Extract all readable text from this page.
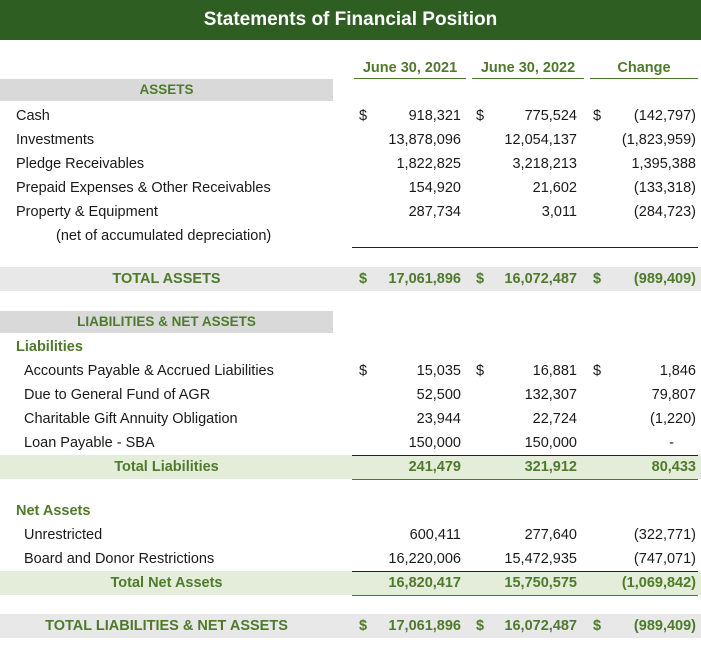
Statements of Financial Position
June 30, 2021	June 30, 2022	Change
ASSETS
Cash	$	918,321 $	775,524 $	(142,797)
Investments	13,878,096	12,054,137	(1,823,959)
Pledge Receivables	1,822,825	3,218,213	1,395,388
Prepaid Expenses & Other Receivables	154,920	21,602	(133,318)
Property & Equipment	287,734	3,011	(284,723)
(net of accumulated depreciation)
TOTAL ASSETS	$	17,061,896 $	16,072,487 $	(989,409)
LIABILITIES & NET ASSETS
Liabilities
Accounts Payable & Accrued Liabilities	$	15,035 $	16,881 $	1,846
Due to General Fund of AGR	52,500	132,307	79,807
Charitable Gift Annuity Obligation	23,944	22,724	(1,220)
Loan Payable - SBA	150,000	150,000	-
Total Liabilities	241,479	321,912	80,433
Net Assets
Unrestricted	600,411	277,640	(322,771)
Board and Donor Restrictions	16,220,006	15,472,935	(747,071)
Total Net Assets	16,820,417	15,750,575	(1,069,842)
TOTAL LIABILITIES & NET ASSETS	$	17,061,896 $	16,072,487 $	(989,409)
